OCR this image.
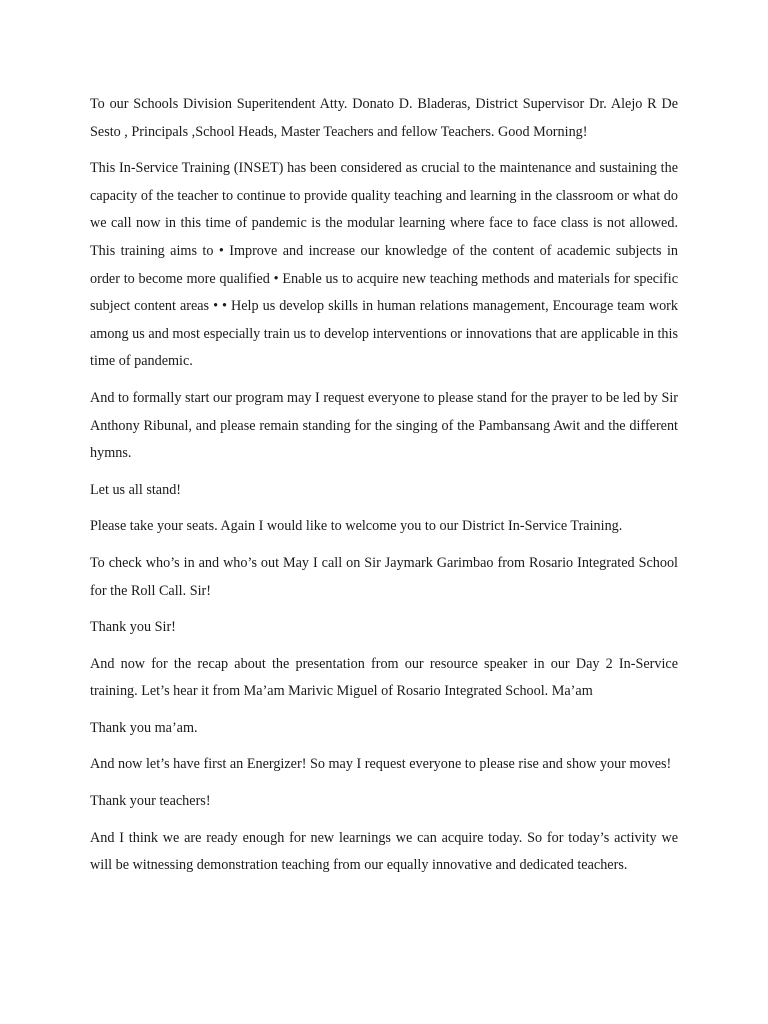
To our Schools Division Superitendent Atty. Donato D. Bladeras, District Supervisor Dr. Alejo R De Sesto , Principals ,School Heads, Master Teachers and fellow Teachers. Good Morning!

This In-Service Training (INSET) has been considered as crucial to the maintenance and sustaining the capacity of the teacher to continue to provide quality teaching and learning in the classroom or what do we call now in this time of pandemic is the modular learning where face to face class is not allowed. This training aims to • Improve and increase our knowledge of the content of academic subjects in order to become more qualified • Enable us to acquire new teaching methods and materials for specific subject content areas • • Help us develop skills in human relations management, Encourage team work among us and most especially train us to develop interventions or innovations that are applicable in this time of pandemic.

And to formally start our program may I request everyone to please stand for the prayer to be led by Sir Anthony Ribunal, and please remain standing for the singing of the Pambansang Awit and the different hymns.

Let us all stand!

Please take your seats. Again I would like to welcome you to our District In-Service Training.

To check who’s in and who’s out May I call on Sir Jaymark Garimbao from Rosario Integrated School for the Roll Call. Sir!

Thank you Sir!

And now for the recap about the presentation from our resource speaker in our Day 2 In-Service training. Let’s hear it from Ma’am Marivic Miguel of Rosario Integrated School. Ma’am

Thank you ma’am.

And now let’s have first an Energizer! So may I request everyone to please rise and show your moves!

Thank your teachers!

And I think we are ready enough for new learnings we can acquire today. So for today’s activity we will be witnessing demonstration teaching from our equally innovative and dedicated teachers.
